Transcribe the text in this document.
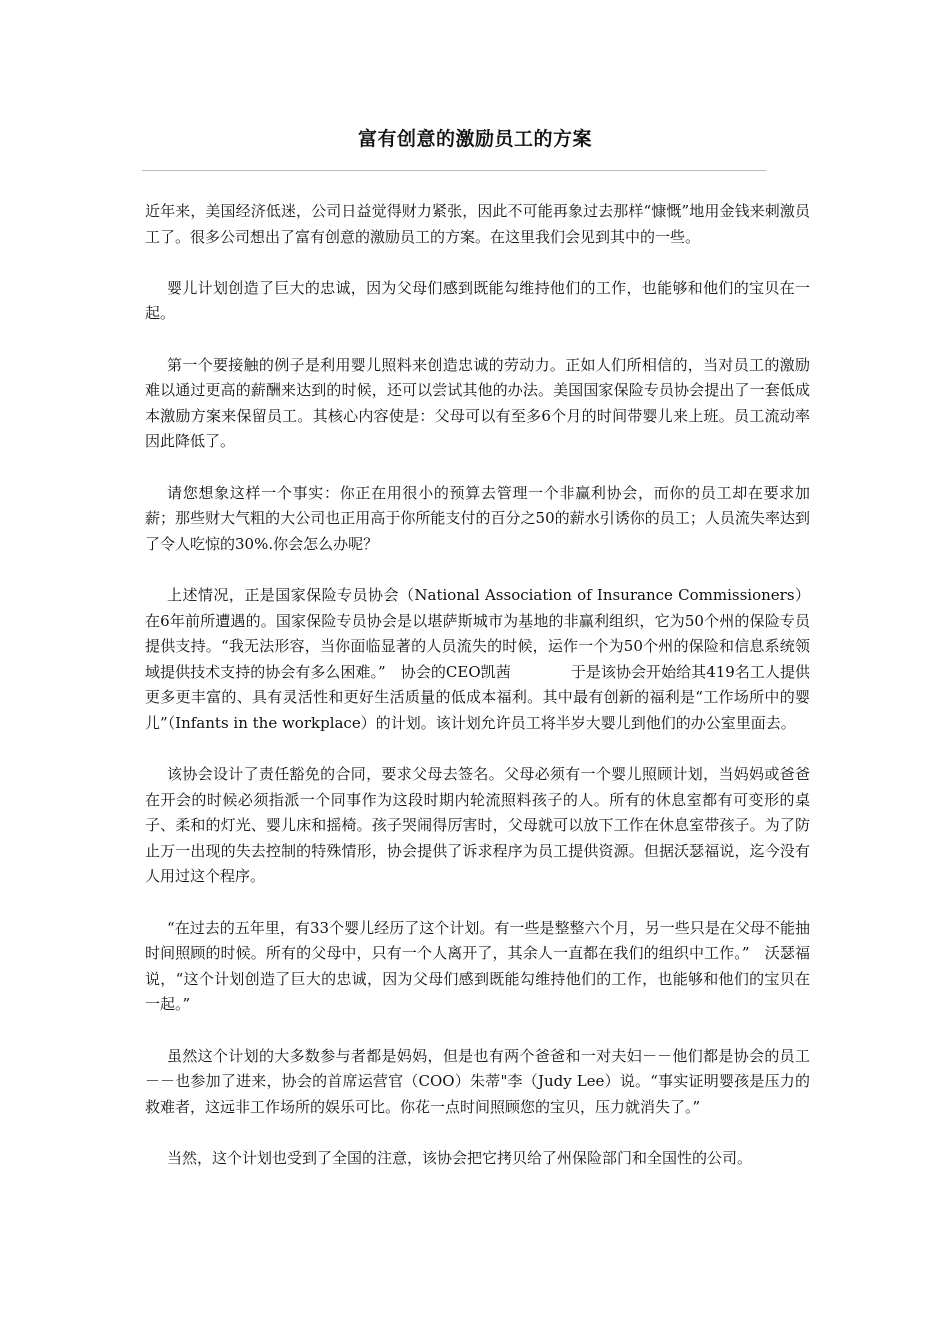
富有创意的激励员工的方案

近年来，美国经济低迷，公司日益觉得财力紧张，因此不可能再象过去那样“慷慨”地用金钱来刺激员工了。很多公司想出了富有创意的激励员工的方案。在这里我们会见到其中的一些。

婴儿计划创造了巨大的忠诚，因为父母们感到既能勾维持他们的工作，也能够和他们的宝贝在一起。

第一个要接触的例子是利用婴儿照料来创造忠诚的劳动力。正如人们所相信的，当对员工的激励难以通过更高的薪酬来达到的时候，还可以尝试其他的办法。美国国家保险专员协会提出了一套低成本激励方案来保留员工。其核心内容使是：父母可以有至多6个月的时间带婴儿来上班。员工流动率因此降低了。

请您想象这样一个事实：你正在用很小的预算去管理一个非赢利协会，而你的员工却在要求加薪；那些财大气粗的大公司也正用高于你所能支付的百分之50的薪水引诱你的员工；人员流失率达到了令人吃惊的30%.你会怎么办呢？

上述情况，正是国家保险专员协会（National Association of Insurance Commissioners）在6年前所遭遇的。国家保险专员协会是以堪萨斯城市为基地的非赢利组织，它为50个州的保险专员提供支持。“我无法形容，当你面临显著的人员流失的时候，运作一个为50个州的保险和信息系统领域提供技术支持的协会有多么困难。”　协会的CEO凯茜　　　　于是该协会开始给其419名工人提供更多更丰富的、具有灵活性和更好生活质量的低成本福利。其中最有创新的福利是“工作场所中的婴儿”（Infants in the workplace）的计划。该计划允许员工将半岁大婴儿到他们的办公室里面去。

该协会设计了责任豁免的合同，要求父母去签名。父母必须有一个婴儿照顾计划，当妈妈或爸爸在开会的时候必须指派一个同事作为这段时期内轮流照料孩子的人。所有的休息室都有可变形的桌子、柔和的灯光、婴儿床和摇椅。孩子哭闹得厉害时，父母就可以放下工作在休息室带孩子。为了防止万一出现的失去控制的特殊情形，协会提供了诉求程序为员工提供资源。但据沃瑟福说，迄今没有人用过这个程序。

“在过去的五年里，有33个婴儿经历了这个计划。有一些是整整六个月，另一些只是在父母不能抽时间照顾的时候。所有的父母中，只有一个人离开了，其余人一直都在我们的组织中工作。”　沃瑟福说，“这个计划创造了巨大的忠诚，因为父母们感到既能勾维持他们的工作，也能够和他们的宝贝在一起。”

虽然这个计划的大多数参与者都是妈妈，但是也有两个爸爸和一对夫妇－－他们都是协会的员工－－也参加了进来，协会的首席运营官（COO）朱蒂"李（Judy Lee）说。“事实证明婴孩是压力的救难者，这远非工作场所的娱乐可比。你花一点时间照顾您的宝贝，压力就消失了。”

当然，这个计划也受到了全国的注意，该协会把它拷贝给了州保险部门和全国性的公司。
